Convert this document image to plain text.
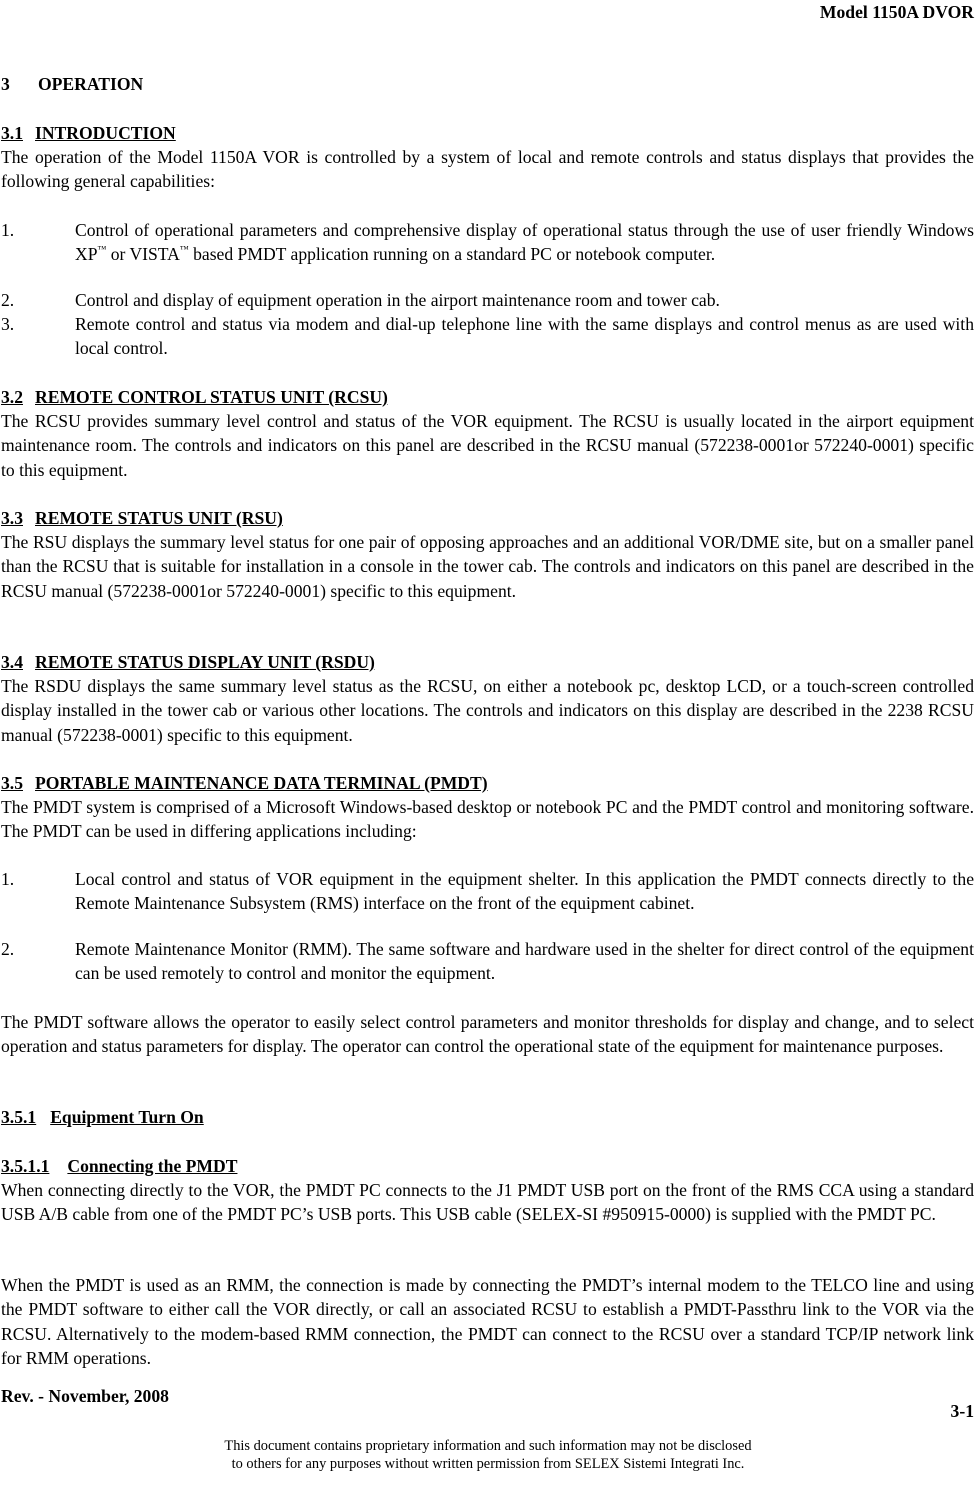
Model 1150A DVOR
3 OPERATION
3.1 INTRODUCTION
The operation of the Model 1150A VOR is controlled by a system of local and remote controls and status displays that provides the following general capabilities:
1.	Control of operational parameters and comprehensive display of operational status through the use of user friendly Windows XP™ or VISTA™ based PMDT application running on a standard PC or notebook computer.
2.	Control and display of equipment operation in the airport maintenance room and tower cab.
3.	Remote control and status via modem and dial-up telephone line with the same displays and control menus as are used with local control.
3.2 REMOTE CONTROL STATUS UNIT (RCSU)
The RCSU provides summary level control and status of the VOR equipment. The RCSU is usually located in the airport equipment maintenance room. The controls and indicators on this panel are described in the RCSU manual (572238-0001or 572240-0001) specific to this equipment.
3.3 REMOTE STATUS UNIT (RSU)
The RSU displays the summary level status for one pair of opposing approaches and an additional VOR/DME site, but on a smaller panel than the RCSU that is suitable for installation in a console in the tower cab. The controls and indicators on this panel are described in the RCSU manual (572238-0001or 572240-0001) specific to this equipment.
3.4 REMOTE STATUS DISPLAY UNIT (RSDU)
The RSDU displays the same summary level status as the RCSU, on either a notebook pc, desktop LCD, or a touch-screen controlled display installed in the tower cab or various other locations. The controls and indicators on this display are described in the 2238 RCSU manual (572238-0001) specific to this equipment.
3.5 PORTABLE MAINTENANCE DATA TERMINAL (PMDT)
The PMDT system is comprised of a Microsoft Windows-based desktop or notebook PC and the PMDT control and monitoring software. The PMDT can be used in differing applications including:
1.	Local control and status of VOR equipment in the equipment shelter. In this application the PMDT connects directly to the Remote Maintenance Subsystem (RMS) interface on the front of the equipment cabinet.
2.	Remote Maintenance Monitor (RMM). The same software and hardware used in the shelter for direct control of the equipment can be used remotely to control and monitor the equipment.
The PMDT software allows the operator to easily select control parameters and monitor thresholds for display and change, and to select operation and status parameters for display. The operator can control the operational state of the equipment for maintenance purposes.
3.5.1 Equipment Turn On
3.5.1.1 Connecting the PMDT
When connecting directly to the VOR, the PMDT PC connects to the J1 PMDT USB port on the front of the RMS CCA using a standard USB A/B cable from one of the PMDT PC’s USB ports. This USB cable (SELEX-SI #950915-0000) is supplied with the PMDT PC.
When the PMDT is used as an RMM, the connection is made by connecting the PMDT’s internal modem to the TELCO line and using the PMDT software to either call the VOR directly, or call an associated RCSU to establish a PMDT-Passthru link to the VOR via the RCSU. Alternatively to the modem-based RMM connection, the PMDT can connect to the RCSU over a standard TCP/IP network link for RMM operations.
Rev. - November, 2008
3-1
This document contains proprietary information and such information may not be disclosed
to others for any purposes without written permission from SELEX Sistemi Integrati Inc.
